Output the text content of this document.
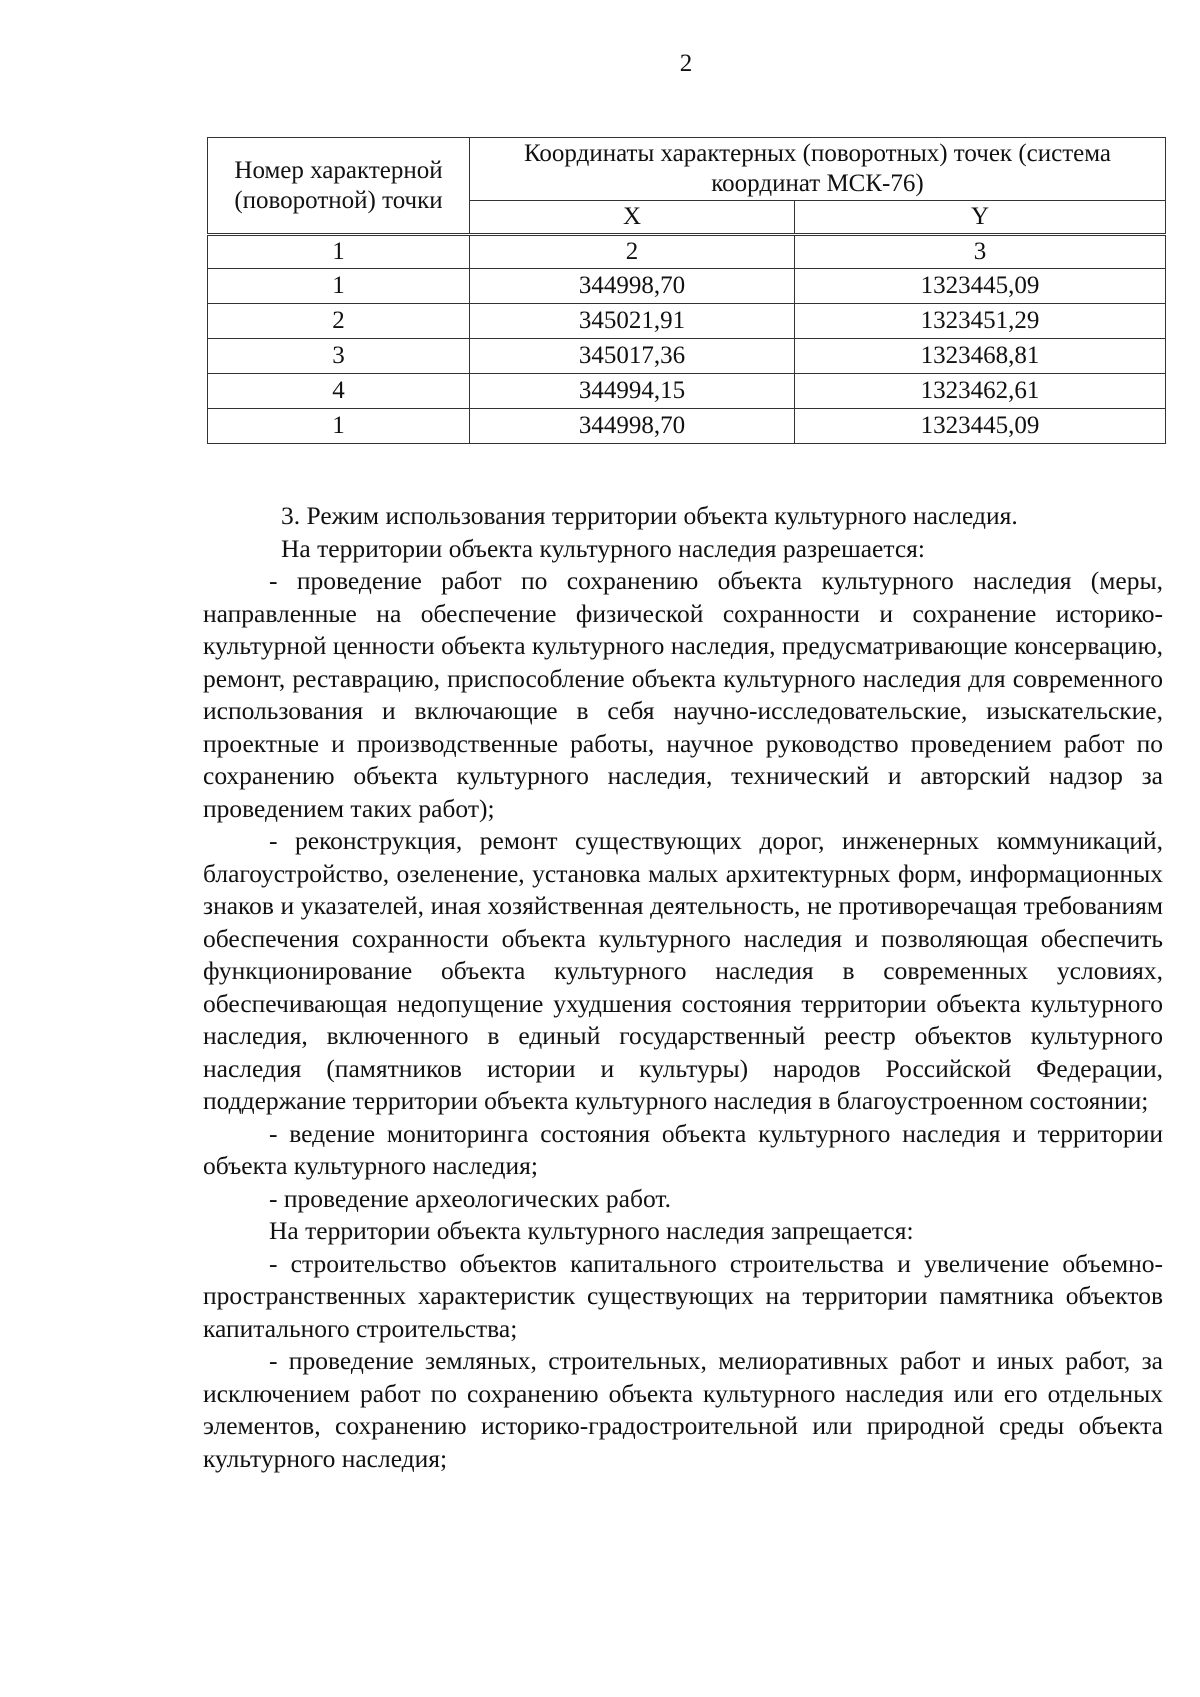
2
Номер характерной (поворотной) точки	Координаты характерных (поворотных) точек (система координат МСК-76)	
	X	Y
1	2	3
1	344998,70	1323445,09
2	345021,91	1323451,29
3	345017,36	1323468,81
4	344994,15	1323462,61
1	344998,70	1323445,09

3. Режим использования территории объекта культурного наследия.

На территории объекта культурного наследия разрешается:

- проведение работ по сохранению объекта культурного наследия (меры, направленные на обеспечение физической сохранности и сохранение историко-культурной ценности объекта культурного наследия, предусматривающие консервацию, ремонт, реставрацию, приспособление объекта культурного наследия для современного использования и включающие в себя научно-исследовательские, изыскательские, проектные и производственные работы, научное руководство проведением работ по сохранению объекта культурного наследия, технический и авторский надзор за проведением таких работ);

- реконструкция, ремонт существующих дорог, инженерных коммуникаций, благоустройство, озеленение, установка малых архитектурных форм, информационных знаков и указателей, иная хозяйственная деятельность, не противоречащая требованиям обеспечения сохранности объекта культурного наследия и позволяющая обеспечить функционирование объекта культурного наследия в современных условиях, обеспечивающая недопущение ухудшения состояния территории объекта культурного наследия, включенного в единый государственный реестр объектов культурного наследия (памятников истории и культуры) народов Российской Федерации, поддержание территории объекта культурного наследия в благоустроенном состоянии;

- ведение мониторинга состояния объекта культурного наследия и территории объекта культурного наследия;

- проведение археологических работ.

На территории объекта культурного наследия запрещается:

- строительство объектов капитального строительства и увеличение объемно-пространственных характеристик существующих на территории памятника объектов капитального строительства;

- проведение земляных, строительных, мелиоративных работ и иных работ, за исключением работ по сохранению объекта культурного наследия или его отдельных элементов, сохранению историко-градостроительной или природной среды объекта культурного наследия;
